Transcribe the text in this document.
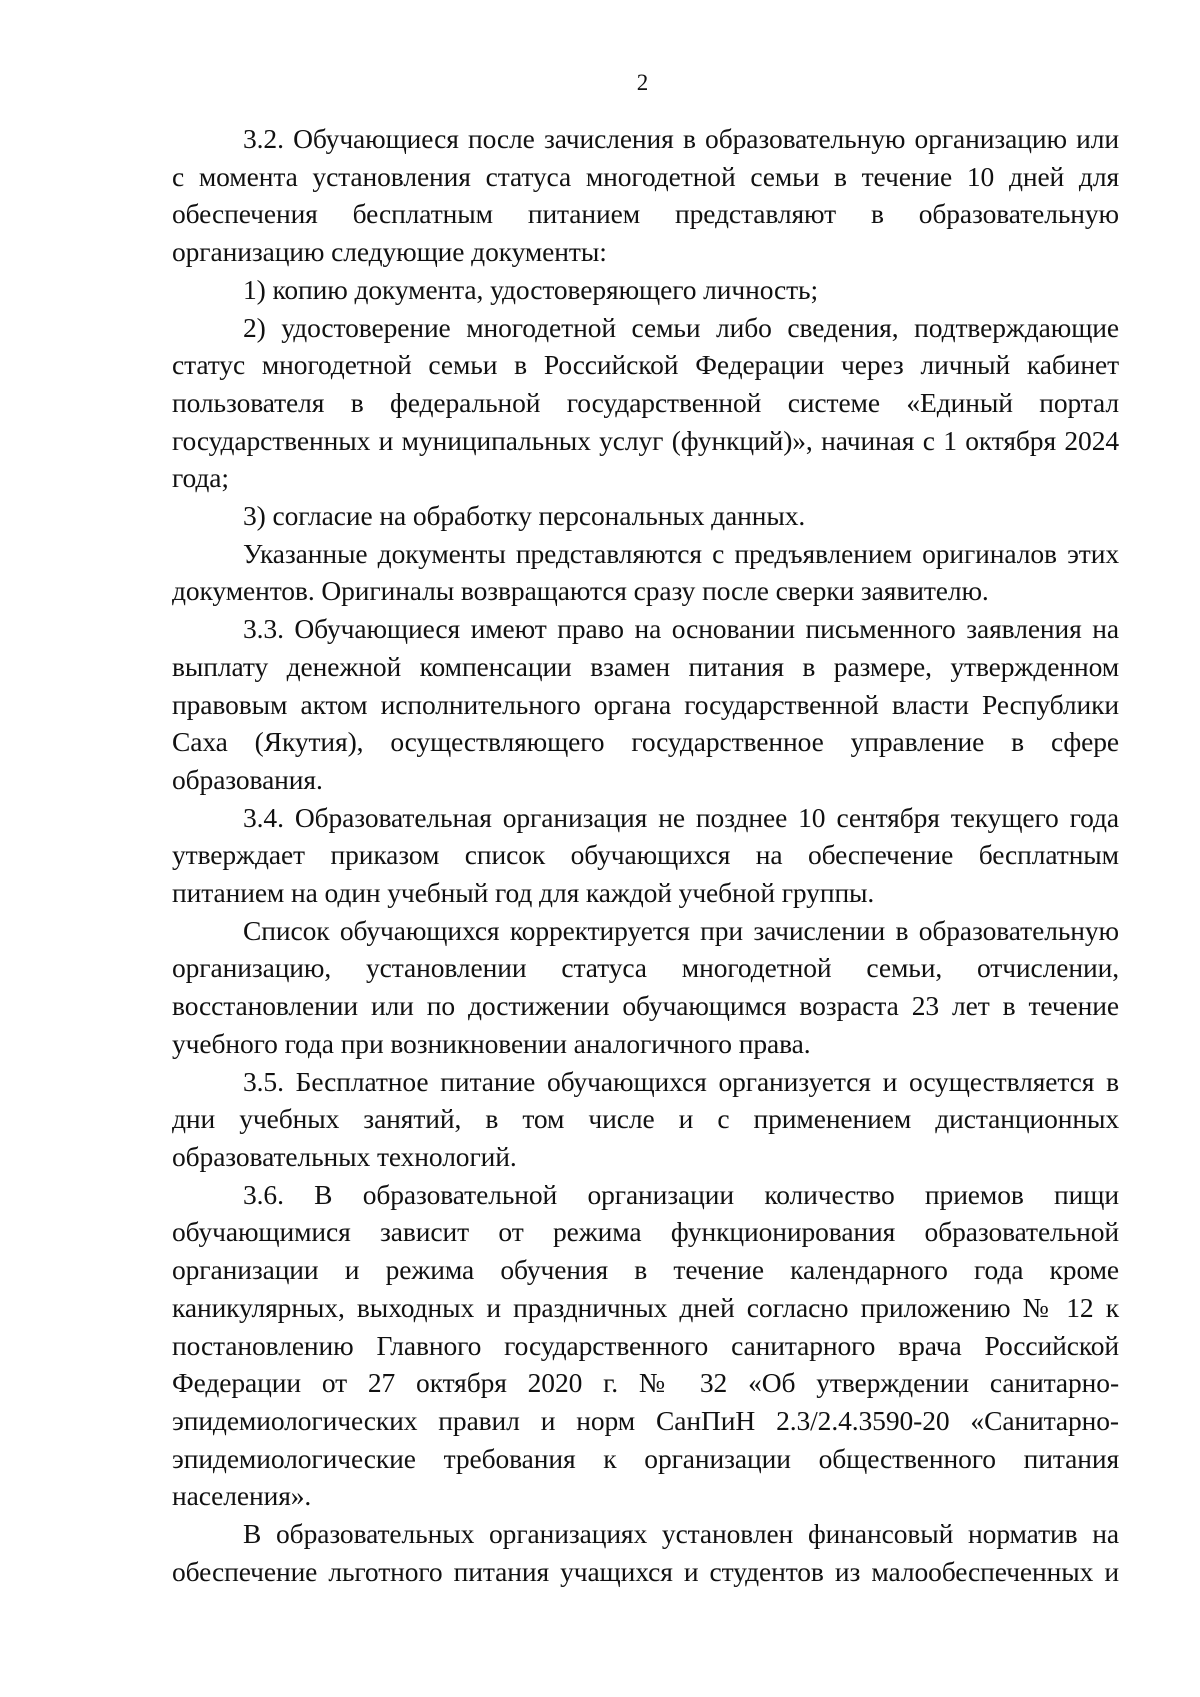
2

3.2. Обучающиеся после зачисления в образовательную организацию или с момента установления статуса многодетной семьи в течение 10 дней для обеспечения бесплатным питанием представляют в образовательную организацию следующие документы:

1) копию документа, удостоверяющего личность;

2) удостоверение многодетной семьи либо сведения, подтверждающие статус многодетной семьи в Российской Федерации через личный кабинет пользователя в федеральной государственной системе «Единый портал государственных и муниципальных услуг (функций)», начиная с 1 октября 2024 года;

3) согласие на обработку персональных данных.

Указанные документы представляются с предъявлением оригиналов этих документов. Оригиналы возвращаются сразу после сверки заявителю.

3.3. Обучающиеся имеют право на основании письменного заявления на выплату денежной компенсации взамен питания в размере, утвержденном правовым актом исполнительного органа государственной власти Республики Саха (Якутия), осуществляющего государственное управление в сфере образования.

3.4. Образовательная организация не позднее 10 сентября текущего года утверждает приказом список обучающихся на обеспечение бесплатным питанием на один учебный год для каждой учебной группы.

Список обучающихся корректируется при зачислении в образовательную организацию, установлении статуса многодетной семьи, отчислении, восстановлении или по достижении обучающимся возраста 23 лет в течение учебного года при возникновении аналогичного права.

3.5. Бесплатное питание обучающихся организуется и осуществляется в дни учебных занятий, в том числе и с применением дистанционных образовательных технологий.

3.6. В образовательной организации количество приемов пищи обучающимися зависит от режима функционирования образовательной организации и режима обучения в течение календарного года кроме каникулярных, выходных и праздничных дней согласно приложению № 12 к постановлению Главного государственного санитарного врача Российской Федерации от 27 октября 2020 г. № 32 «Об утверждении санитарно-эпидемиологических правил и норм СанПиН 2.3/2.4.3590-20 «Санитарно-эпидемиологические требования к организации общественного питания населения».

В образовательных организациях установлен финансовый норматив на обеспечение льготного питания учащихся и студентов из малообеспеченных и
